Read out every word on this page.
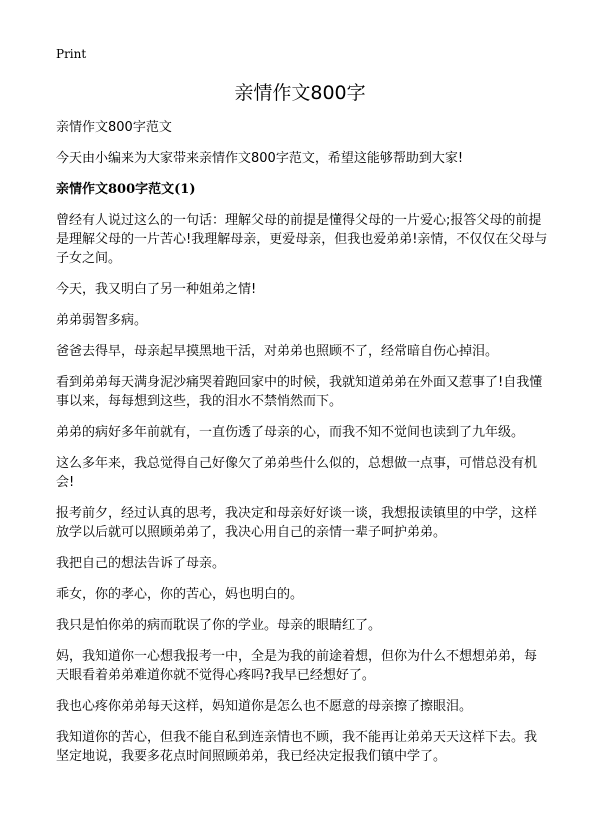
Print
亲情作文800字

亲情作文800字范文

今天由小编来为大家带来亲情作文800字范文，希望这能够帮助到大家!

亲情作文800字范文(1)

曾经有人说过这么的一句话：理解父母的前提是懂得父母的一片爱心;报答父母的前提是理解父母的一片苦心!我理解母亲，更爱母亲，但我也爱弟弟!亲情，不仅仅在父母与子女之间。

今天，我又明白了另一种姐弟之情!

弟弟弱智多病。

爸爸去得早，母亲起早摸黑地干活，对弟弟也照顾不了，经常暗自伤心掉泪。

看到弟弟每天满身泥沙痛哭着跑回家中的时候，我就知道弟弟在外面又惹事了!自我懂事以来，每每想到这些，我的泪水不禁悄然而下。

弟弟的病好多年前就有，一直伤透了母亲的心，而我不知不觉间也读到了九年级。

这么多年来，我总觉得自己好像欠了弟弟些什么似的，总想做一点事，可惜总没有机会!

报考前夕，经过认真的思考，我决定和母亲好好谈一谈，我想报读镇里的中学，这样放学以后就可以照顾弟弟了，我决心用自己的亲情一辈子呵护弟弟。

我把自己的想法告诉了母亲。

乖女，你的孝心，你的苦心，妈也明白的。

我只是怕你弟的病而耽误了你的学业。母亲的眼睛红了。

妈，我知道你一心想我报考一中，全是为我的前途着想，但你为什么不想想弟弟，每天眼看着弟弟难道你就不觉得心疼吗?我早已经想好了。

我也心疼你弟弟每天这样，妈知道你是怎么也不愿意的母亲擦了擦眼泪。

我知道你的苦心，但我不能自私到连亲情也不顾，我不能再让弟弟天天这样下去。我坚定地说，我要多花点时间照顾弟弟，我已经决定报我们镇中学了。
